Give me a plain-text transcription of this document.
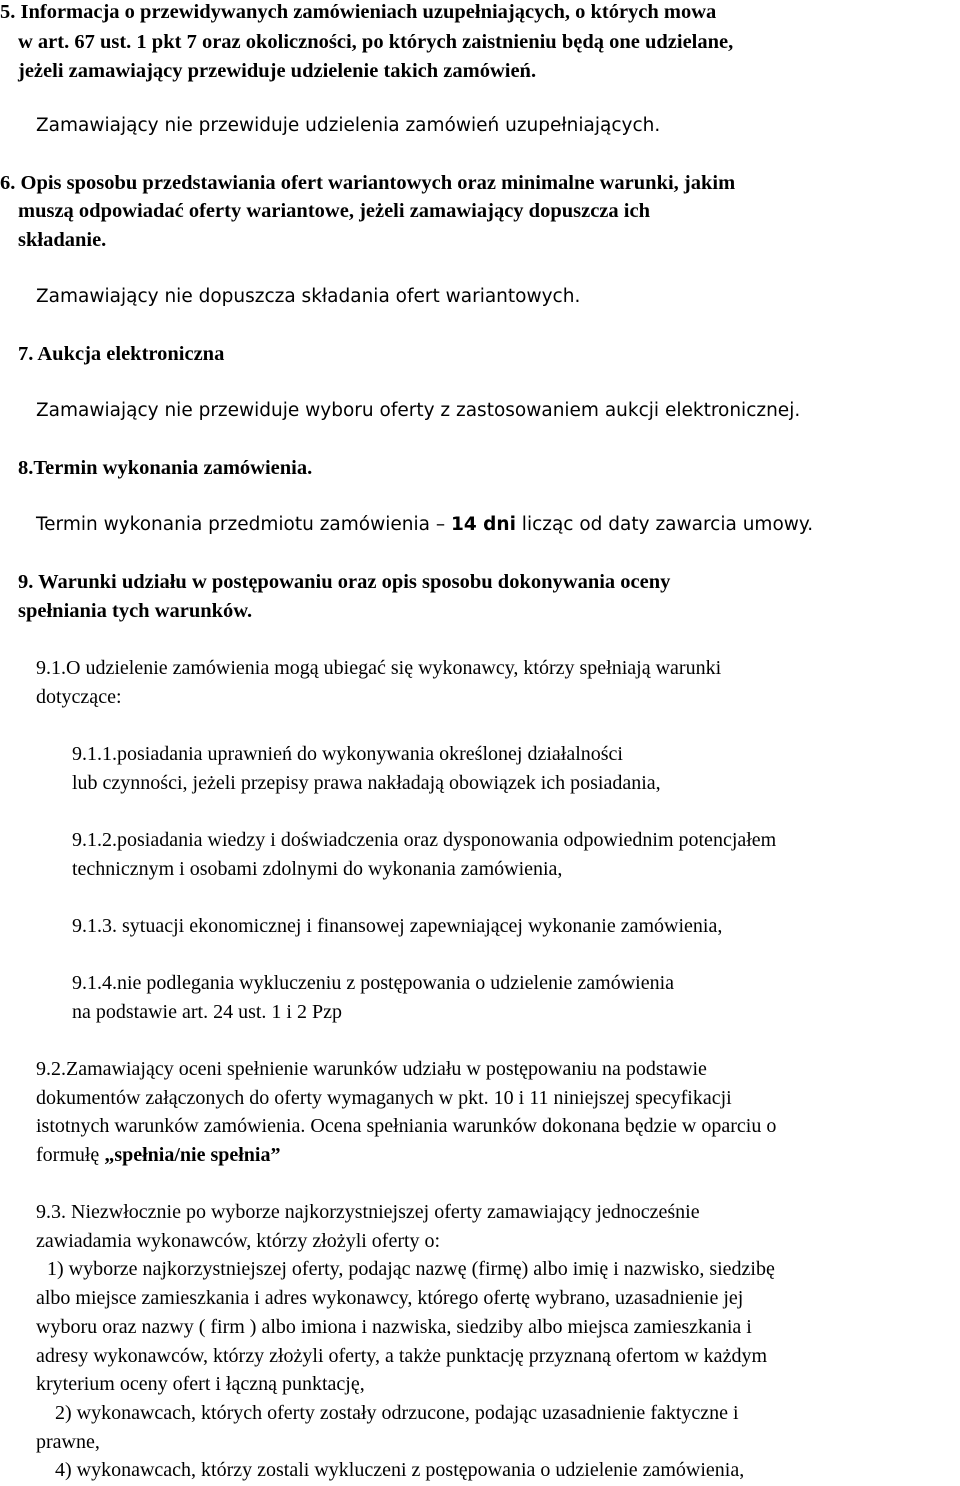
5. Informacja o przewidywanych zamówieniach uzupełniających, o których mowa
w art. 67 ust. 1 pkt 7 oraz okoliczności, po których zaistnieniu będą one udzielane,
jeżeli zamawiający przewiduje udzielenie takich zamówień.
Zamawiający nie przewiduje udzielenia zamówień uzupełniających.
6. Opis sposobu przedstawiania ofert wariantowych oraz minimalne warunki, jakim
muszą odpowiadać oferty wariantowe, jeżeli zamawiający dopuszcza ich
składanie.
Zamawiający nie dopuszcza składania ofert wariantowych.
7. Aukcja elektroniczna
Zamawiający nie przewiduje wyboru oferty z zastosowaniem aukcji elektronicznej.
8.Termin wykonania zamówienia.
Termin wykonania przedmiotu zamówienia – 14 dni licząc od daty zawarcia umowy.
9. Warunki udziału w postępowaniu oraz opis sposobu dokonywania oceny
spełniania tych warunków.
9.1.O udzielenie zamówienia mogą ubiegać się wykonawcy, którzy spełniają warunki
dotyczące:
9.1.1.posiadania uprawnień do wykonywania określonej działalności
lub czynności, jeżeli przepisy prawa nakładają obowiązek ich posiadania,
9.1.2.posiadania wiedzy i doświadczenia oraz dysponowania odpowiednim potencjałem
technicznym i osobami zdolnymi do wykonania zamówienia,
9.1.3. sytuacji ekonomicznej i finansowej zapewniającej wykonanie zamówienia,
9.1.4.nie podlegania wykluczeniu z postępowania o udzielenie zamówienia
na podstawie art. 24 ust. 1 i 2 Pzp
9.2.Zamawiający oceni spełnienie warunków udziału w postępowaniu na podstawie
dokumentów załączonych do oferty wymaganych w pkt. 10 i 11 niniejszej specyfikacji
istotnych warunków zamówienia. Ocena spełniania warunków dokonana będzie w oparciu o
formułę „spełnia/nie spełnia”
9.3. Niezwłocznie po wyborze najkorzystniejszej oferty zamawiający jednocześnie
zawiadamia wykonawców, którzy złożyli oferty o:
1) wyborze najkorzystniejszej oferty, podając nazwę (firmę) albo imię i nazwisko, siedzibę
albo miejsce zamieszkania i adres wykonawcy, którego ofertę wybrano, uzasadnienie jej
wyboru oraz nazwy ( firm ) albo imiona i nazwiska, siedziby albo miejsca zamieszkania i
adresy wykonawców, którzy złożyli oferty, a także punktację przyznaną ofertom w każdym
kryterium oceny ofert i łączną punktację,
2) wykonawcach, których oferty zostały odrzucone, podając uzasadnienie faktyczne i
prawne,
4) wykonawcach, którzy zostali wykluczeni z postępowania o udzielenie zamówienia,
